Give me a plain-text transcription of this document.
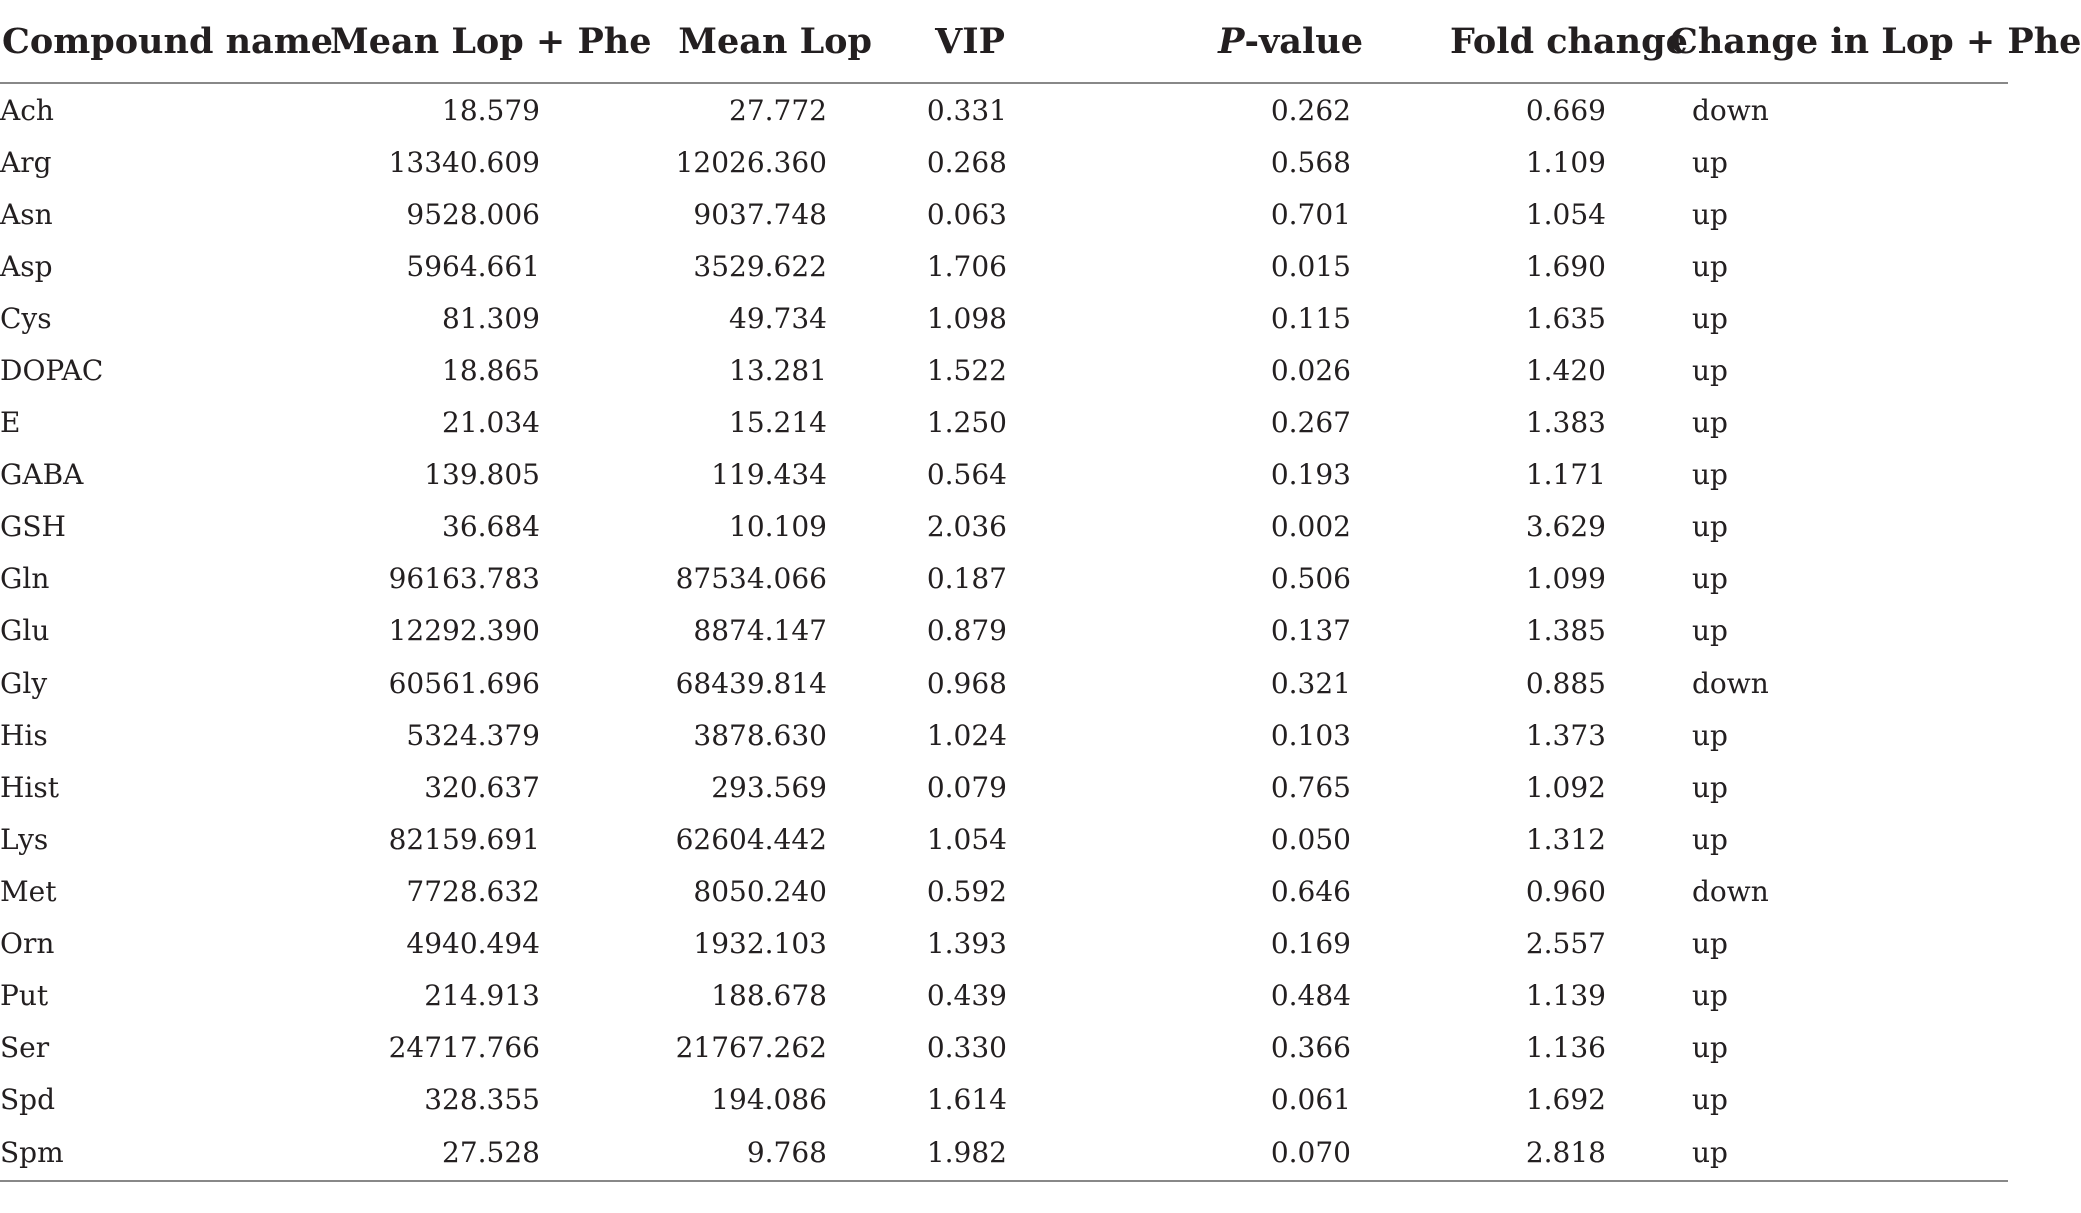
Compound name	Mean Lop + Phe	Mean Lop	VIP	P-value	Fold change	Change in Lop + Phe
Ach	18.579	27.772	0.331	0.262	0.669	down
Arg	13340.609	12026.360	0.268	0.568	1.109	up
Asn	9528.006	9037.748	0.063	0.701	1.054	up
Asp	5964.661	3529.622	1.706	0.015	1.690	up
Cys	81.309	49.734	1.098	0.115	1.635	up
DOPAC	18.865	13.281	1.522	0.026	1.420	up
E	21.034	15.214	1.250	0.267	1.383	up
GABA	139.805	119.434	0.564	0.193	1.171	up
GSH	36.684	10.109	2.036	0.002	3.629	up
Gln	96163.783	87534.066	0.187	0.506	1.099	up
Glu	12292.390	8874.147	0.879	0.137	1.385	up
Gly	60561.696	68439.814	0.968	0.321	0.885	down
His	5324.379	3878.630	1.024	0.103	1.373	up
Hist	320.637	293.569	0.079	0.765	1.092	up
Lys	82159.691	62604.442	1.054	0.050	1.312	up
Met	7728.632	8050.240	0.592	0.646	0.960	down
Orn	4940.494	1932.103	1.393	0.169	2.557	up
Put	214.913	188.678	0.439	0.484	1.139	up
Ser	24717.766	21767.262	0.330	0.366	1.136	up
Spd	328.355	194.086	1.614	0.061	1.692	up
Spm	27.528	9.768	1.982	0.070	2.818	up
